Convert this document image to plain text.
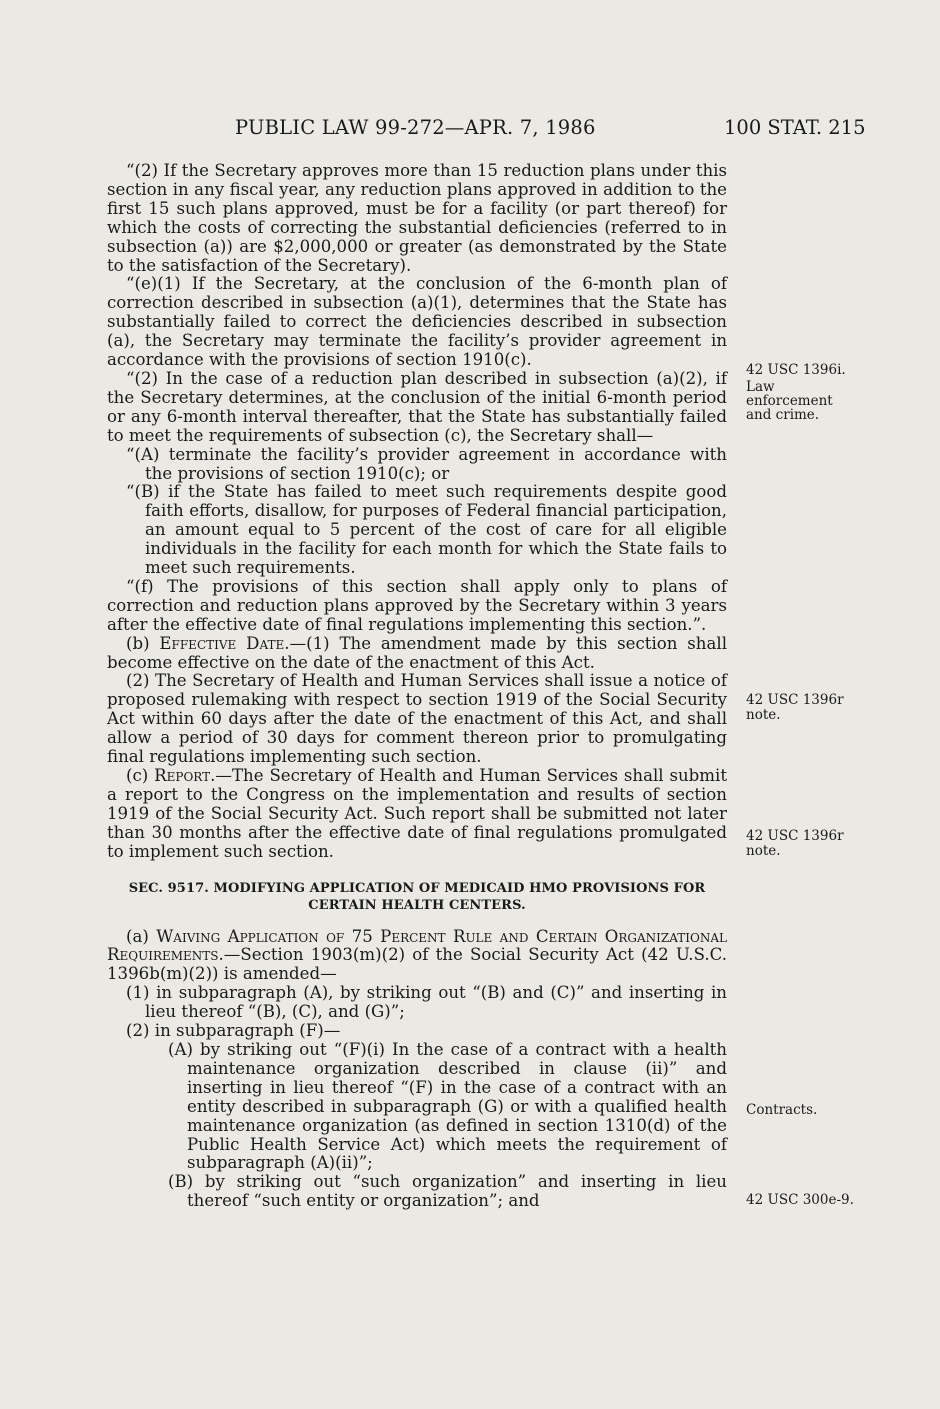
PUBLIC LAW 99-272—APR. 7, 1986	100 STAT. 215

“(2) If the Secretary approves more than 15 reduction plans under this section in any fiscal year, any reduction plans approved in addition to the first 15 such plans approved, must be for a facility (or part thereof) for which the costs of correcting the substantial deficiencies (referred to in subsection (a)) are $2,000,000 or greater (as demonstrated by the State to the satisfaction of the Secretary).

“(e)(1) If the Secretary, at the conclusion of the 6-month plan of correction described in subsection (a)(1), determines that the State has substantially failed to correct the deficiencies described in subsection (a), the Secretary may terminate the facility’s provider agreement in accordance with the provisions of section 1910(c).

“(2) In the case of a reduction plan described in subsection (a)(2), if the Secretary determines, at the conclusion of the initial 6-month period or any 6-month interval thereafter, that the State has substantially failed to meet the requirements of subsection (c), the Secretary shall—

“(A) terminate the facility’s provider agreement in accordance with the provisions of section 1910(c); or

“(B) if the State has failed to meet such requirements despite good faith efforts, disallow, for purposes of Federal financial participation, an amount equal to 5 percent of the cost of care for all eligible individuals in the facility for each month for which the State fails to meet such requirements.

“(f) The provisions of this section shall apply only to plans of correction and reduction plans approved by the Secretary within 3 years after the effective date of final regulations implementing this section.”.

(b) Effective Date.—(1) The amendment made by this section shall become effective on the date of the enactment of this Act.

(2) The Secretary of Health and Human Services shall issue a notice of proposed rulemaking with respect to section 1919 of the Social Security Act within 60 days after the date of the enactment of this Act, and shall allow a period of 30 days for comment thereon prior to promulgating final regulations implementing such section.

(c) Report.—The Secretary of Health and Human Services shall submit a report to the Congress on the implementation and results of section 1919 of the Social Security Act. Such report shall be submitted not later than 30 months after the effective date of final regulations promulgated to implement such section.

SEC. 9517. MODIFYING APPLICATION OF MEDICAID HMO PROVISIONS FOR
CERTAIN HEALTH CENTERS.

(a) Waiving Application of 75 Percent Rule and Certain Organizational Requirements.—Section 1903(m)(2) of the Social Security Act (42 U.S.C. 1396b(m)(2)) is amended—

(1) in subparagraph (A), by striking out “(B) and (C)” and inserting in lieu thereof “(B), (C), and (G)”;

(2) in subparagraph (F)—

(A) by striking out “(F)(i) In the case of a contract with a health maintenance organization described in clause (ii)” and inserting in lieu thereof “(F) in the case of a contract with an entity described in subparagraph (G) or with a qualified health maintenance organization (as defined in section 1310(d) of the Public Health Service Act) which meets the requirement of subparagraph (A)(ii)”;

(B) by striking out “such organization” and inserting in lieu thereof “such entity or organization”; and

42 USC 1396i.
Law
enforcement
and crime.
42 USC 1396r
note.
42 USC 1396r
note.
Contracts.
42 USC 300e-9.
